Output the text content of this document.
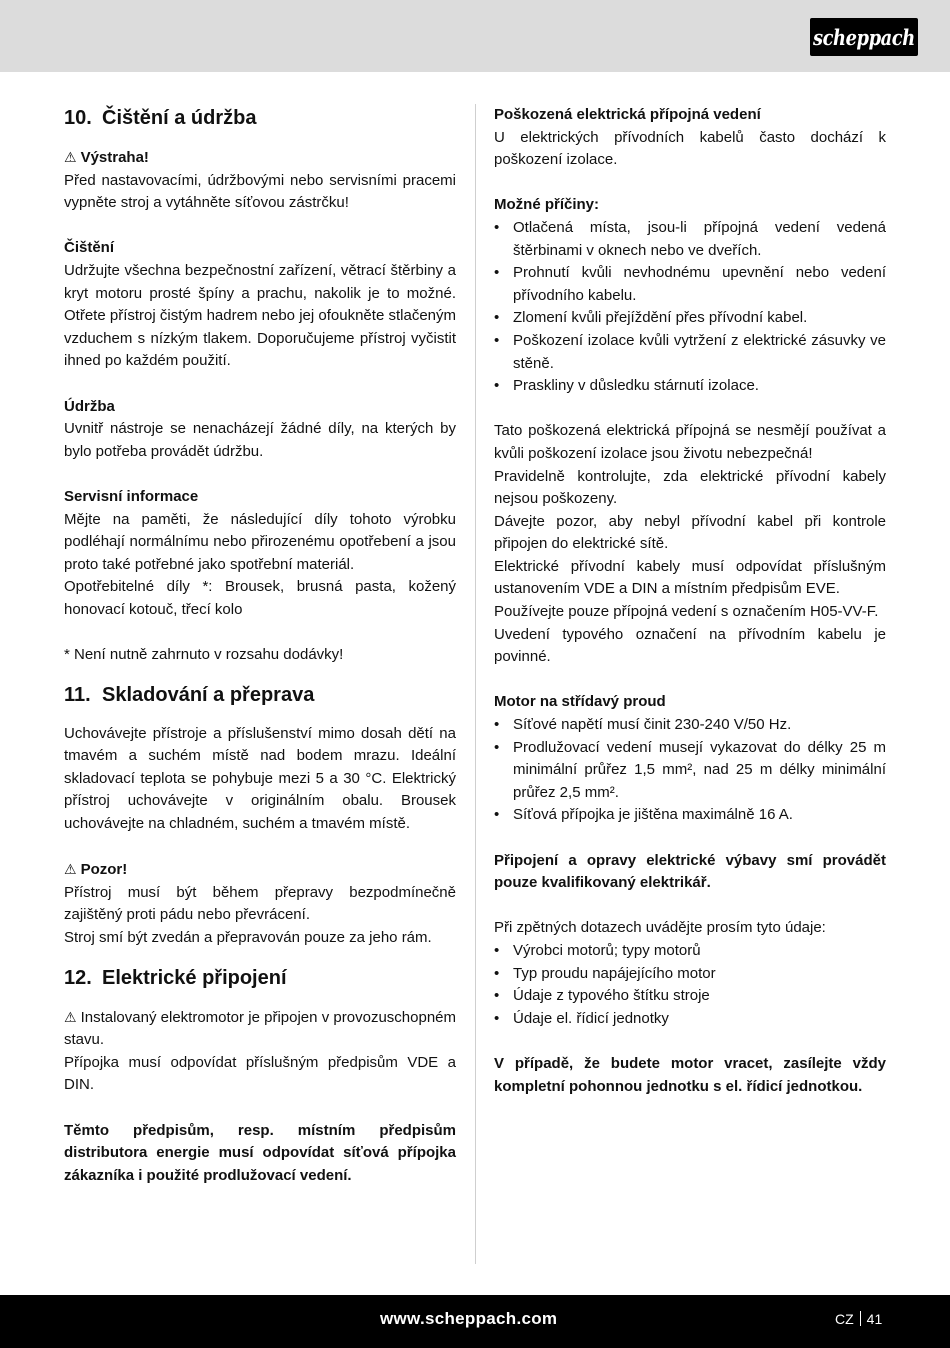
scheppach
10. Čištění a údržba
⚠ Výstraha!

Před nastavovacími, údržbovými nebo servisními pracemi vypněte stroj a vytáhněte síťovou zástrčku!

Čištění

Udržujte všechna bezpečnostní zařízení, větrací štěrbiny a kryt motoru prosté špíny a prachu, nakolik je to možné. Otřete přístroj čistým hadrem nebo jej ofoukněte stlačeným vzduchem s nízkým tlakem. Doporučujeme přístroj vyčistit ihned po každém použití.

Údržba

Uvnitř nástroje se nenacházejí žádné díly, na kterých by bylo potřeba provádět údržbu.

Servisní informace

Mějte na paměti, že následující díly tohoto výrobku podléhají normálnímu nebo přirozenému opotřebení a jsou proto také potřebné jako spotřební materiál.

Opotřebitelné díly *: Brousek, brusná pasta, kožený honovací kotouč, třecí kolo

* Není nutně zahrnuto v rozsahu dodávky!

11. Skladování a přeprava

Uchovávejte přístroje a příslušenství mimo dosah dětí na tmavém a suchém místě nad bodem mrazu. Ideální skladovací teplota se pohybuje mezi 5 a 30 °C. Elektrický přístroj uchovávejte v originálním obalu. Brousek uchovávejte na chladném, suchém a tmavém místě.

⚠ Pozor!

Přístroj musí být během přepravy bezpodmínečně zajištěný proti pádu nebo převrácení.

Stroj smí být zvedán a přepravován pouze za jeho rám.

12. Elektrické připojení

⚠ Instalovaný elektromotor je připojen v provozuschopném stavu.

Přípojka musí odpovídat příslušným předpisům VDE a DIN.

Těmto předpisům, resp. místním předpisům distributora energie musí odpovídat síťová přípojka zákazníka i použité prodlužovací vedení.

Poškozená elektrická přípojná vedení

U elektrických přívodních kabelů často dochází k poškození izolace.

Možné příčiny:
• Otlačená místa, jsou-li přípojná vedení vedená štěrbinami v oknech nebo ve dveřích.
• Prohnutí kvůli nevhodnému upevnění nebo vedení přívodního kabelu.
• Zlomení kvůli přejíždění přes přívodní kabel.
• Poškození izolace kvůli vytržení z elektrické zásuvky ve stěně.
• Praskliny v důsledku stárnutí izolace.

Tato poškozená elektrická přípojná se nesmějí používat a kvůli poškození izolace jsou životu nebezpečná!

Pravidelně kontrolujte, zda elektrické přívodní kabely nejsou poškozeny.

Dávejte pozor, aby nebyl přívodní kabel při kontrole připojen do elektrické sítě.

Elektrické přívodní kabely musí odpovídat příslušným ustanovením VDE a DIN a místním předpisům EVE.

Používejte pouze přípojná vedení s označením H05-VV-F.

Uvedení typového označení na přívodním kabelu je povinné.

Motor na střídavý proud
• Síťové napětí musí činit 230-240 V/50 Hz.
• Prodlužovací vedení musejí vykazovat do délky 25 m minimální průřez 1,5 mm², nad 25 m délky minimální průřez 2,5 mm².
• Síťová přípojka je jištěna maximálně 16 A.

Připojení a opravy elektrické výbavy smí provádět pouze kvalifikovaný elektrikář.

Při zpětných dotazech uvádějte prosím tyto údaje:

• Výrobci motorů; typy motorů
• Typ proudu napájejícího motor
• Údaje z typového štítku stroje
• Údaje el. řídicí jednotky

V případě, že budete motor vracet, zasílejte vždy kompletní pohonnou jednotku s el. řídicí jednotkou.

www.scheppach.com	CZ 41
